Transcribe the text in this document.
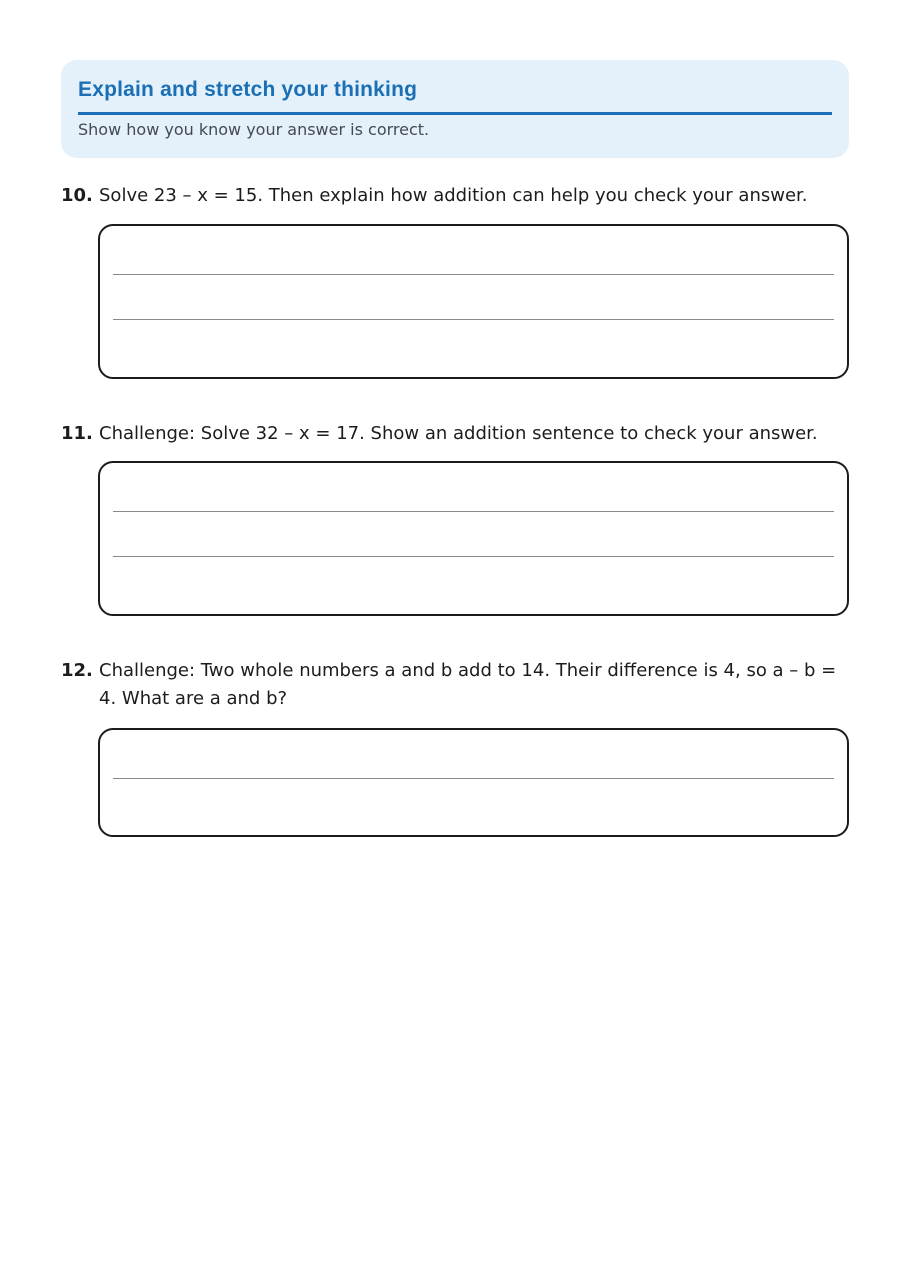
Explain and stretch your thinking
Show how you know your answer is correct.
10. Solve 23 – x = 15. Then explain how addition can help you check your answer.
11. Challenge: Solve 32 – x = 17. Show an addition sentence to check your answer.
12. Challenge: Two whole numbers a and b add to 14. Their difference is 4, so a – b = 4. What are a and b?
